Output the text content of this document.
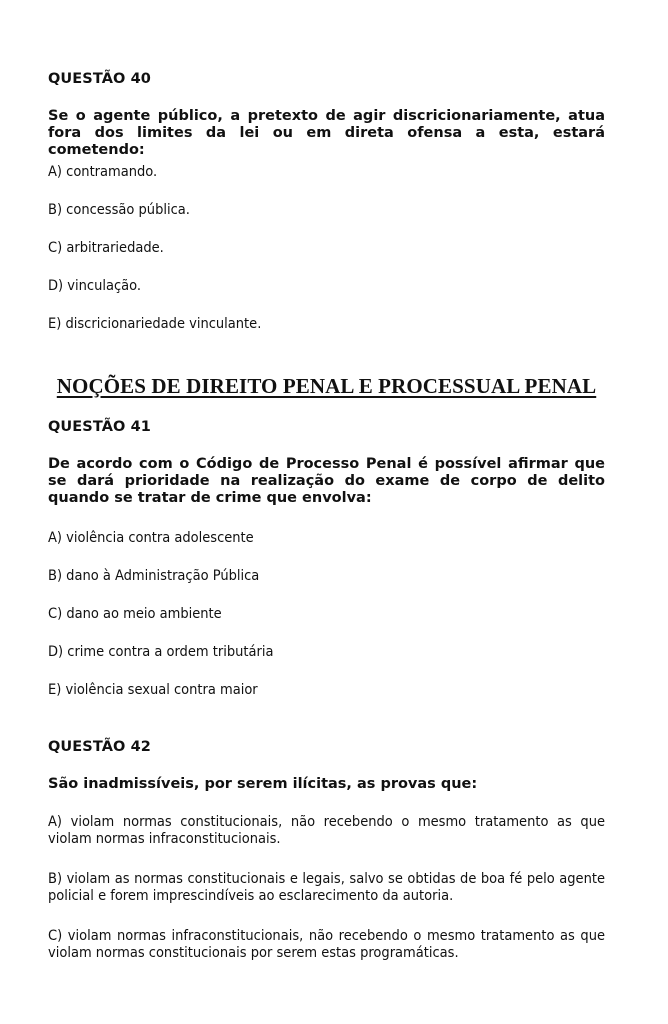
QUESTÃO 40
Se o agente público, a pretexto de agir discricionariamente, atua fora dos limites da lei ou em direta ofensa a esta, estará cometendo:
A) contramando.
B) concessão pública.
C) arbitrariedade.
D) vinculação.
E) discricionariedade vinculante.
NOÇÕES DE DIREITO PENAL E PROCESSUAL PENAL
QUESTÃO 41
De acordo com o Código de Processo Penal é possível afirmar que se dará prioridade na realização do exame de corpo de delito quando se tratar de crime que envolva:
A) violência contra adolescente
B) dano à Administração Pública
C) dano ao meio ambiente
D) crime contra a ordem tributária
E) violência sexual contra maior
QUESTÃO 42
São inadmissíveis, por serem ilícitas, as provas que:
A) violam normas constitucionais, não recebendo o mesmo tratamento as que violam normas infraconstitucionais.
B) violam as normas constitucionais e legais, salvo se obtidas de boa fé pelo agente policial e forem imprescindíveis ao esclarecimento da autoria.
C) violam normas infraconstitucionais, não recebendo o mesmo tratamento as que violam normas constitucionais por serem estas programáticas.
